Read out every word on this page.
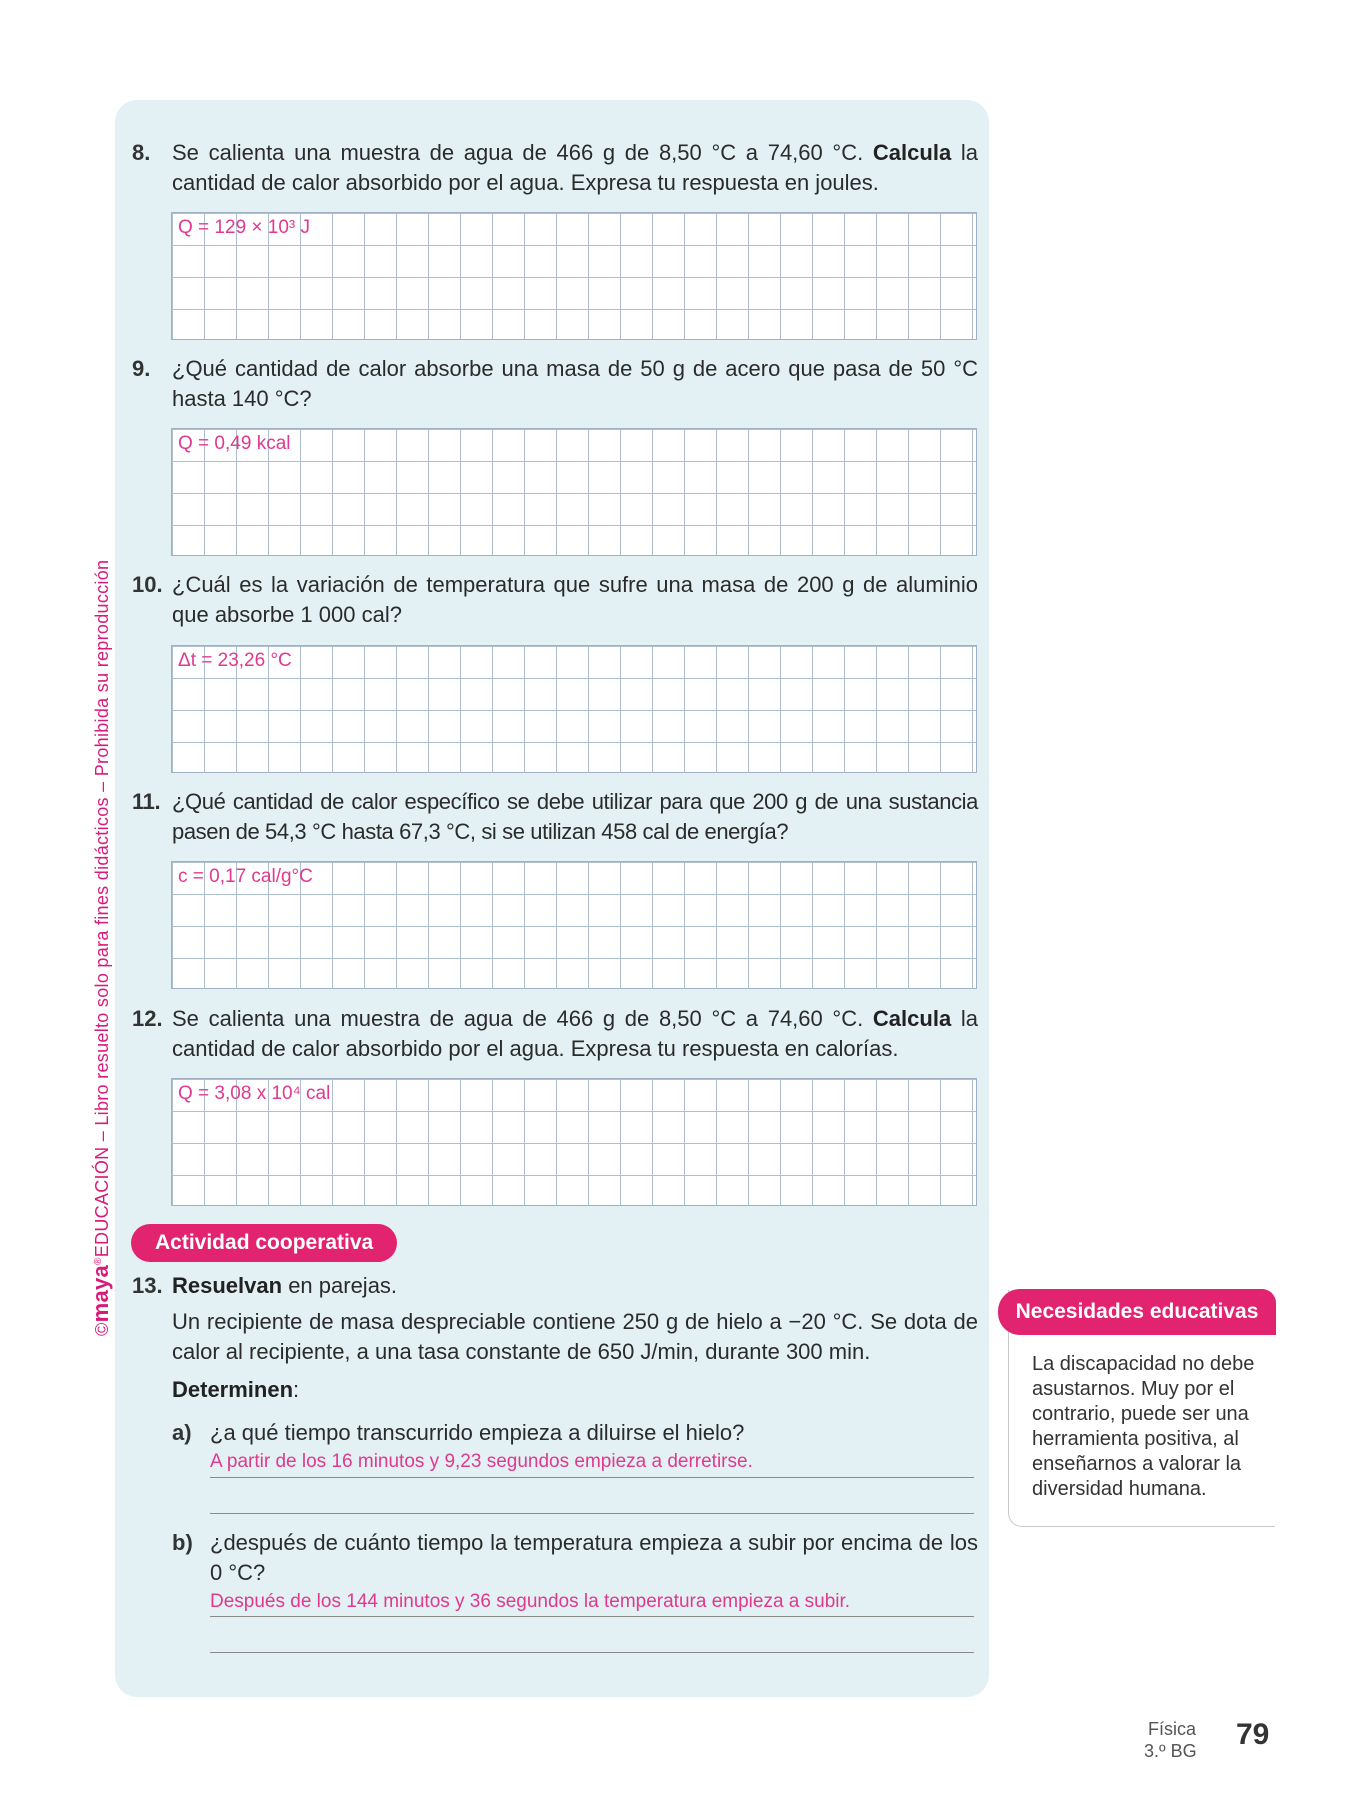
©maya®EDUCACIÓN – Libro resuelto solo para fines didácticos – Prohibida su reproducción
8. Se calienta una muestra de agua de 466 g de 8,50 °C a 74,60 °C. Calcula la cantidad de calor absorbido por el agua. Expresa tu respuesta en joules.
Q = 129 × 10³ J
9. ¿Qué cantidad de calor absorbe una masa de 50 g de acero que pasa de 50 °C hasta 140 °C?
Q = 0,49 kcal
10. ¿Cuál es la variación de temperatura que sufre una masa de 200 g de aluminio que absorbe 1 000 cal?
Δt = 23,26 °C
11. ¿Qué cantidad de calor específico se debe utilizar para que 200 g de una sustancia pasen de 54,3 °C hasta 67,3 °C, si se utilizan 458 cal de energía?
c = 0,17 cal/g°C
12. Se calienta una muestra de agua de 466 g de 8,50 °C a 74,60 °C. Calcula la cantidad de calor absorbido por el agua. Expresa tu respuesta en calorías.
Q = 3,08 x 10⁴ cal
Actividad cooperativa
13. Resuelvan en parejas.
Un recipiente de masa despreciable contiene 250 g de hielo a −20 °C. Se dota de calor al recipiente, a una tasa constante de 650 J/min, durante 300 min.
Determinen:
a) ¿a qué tiempo transcurrido empieza a diluirse el hielo?
A partir de los 16 minutos y 9,23 segundos empieza a derretirse.
b) ¿después de cuánto tiempo la temperatura empieza a subir por encima de los 0 °C?
Después de los 144 minutos y 36 segundos la temperatura empieza a subir.
Necesidades educativas
La discapacidad no debe asustarnos. Muy por el contrario, puede ser una herramienta positiva, al enseñarnos a valorar la diversidad humana.
Física
3.º BG 79
